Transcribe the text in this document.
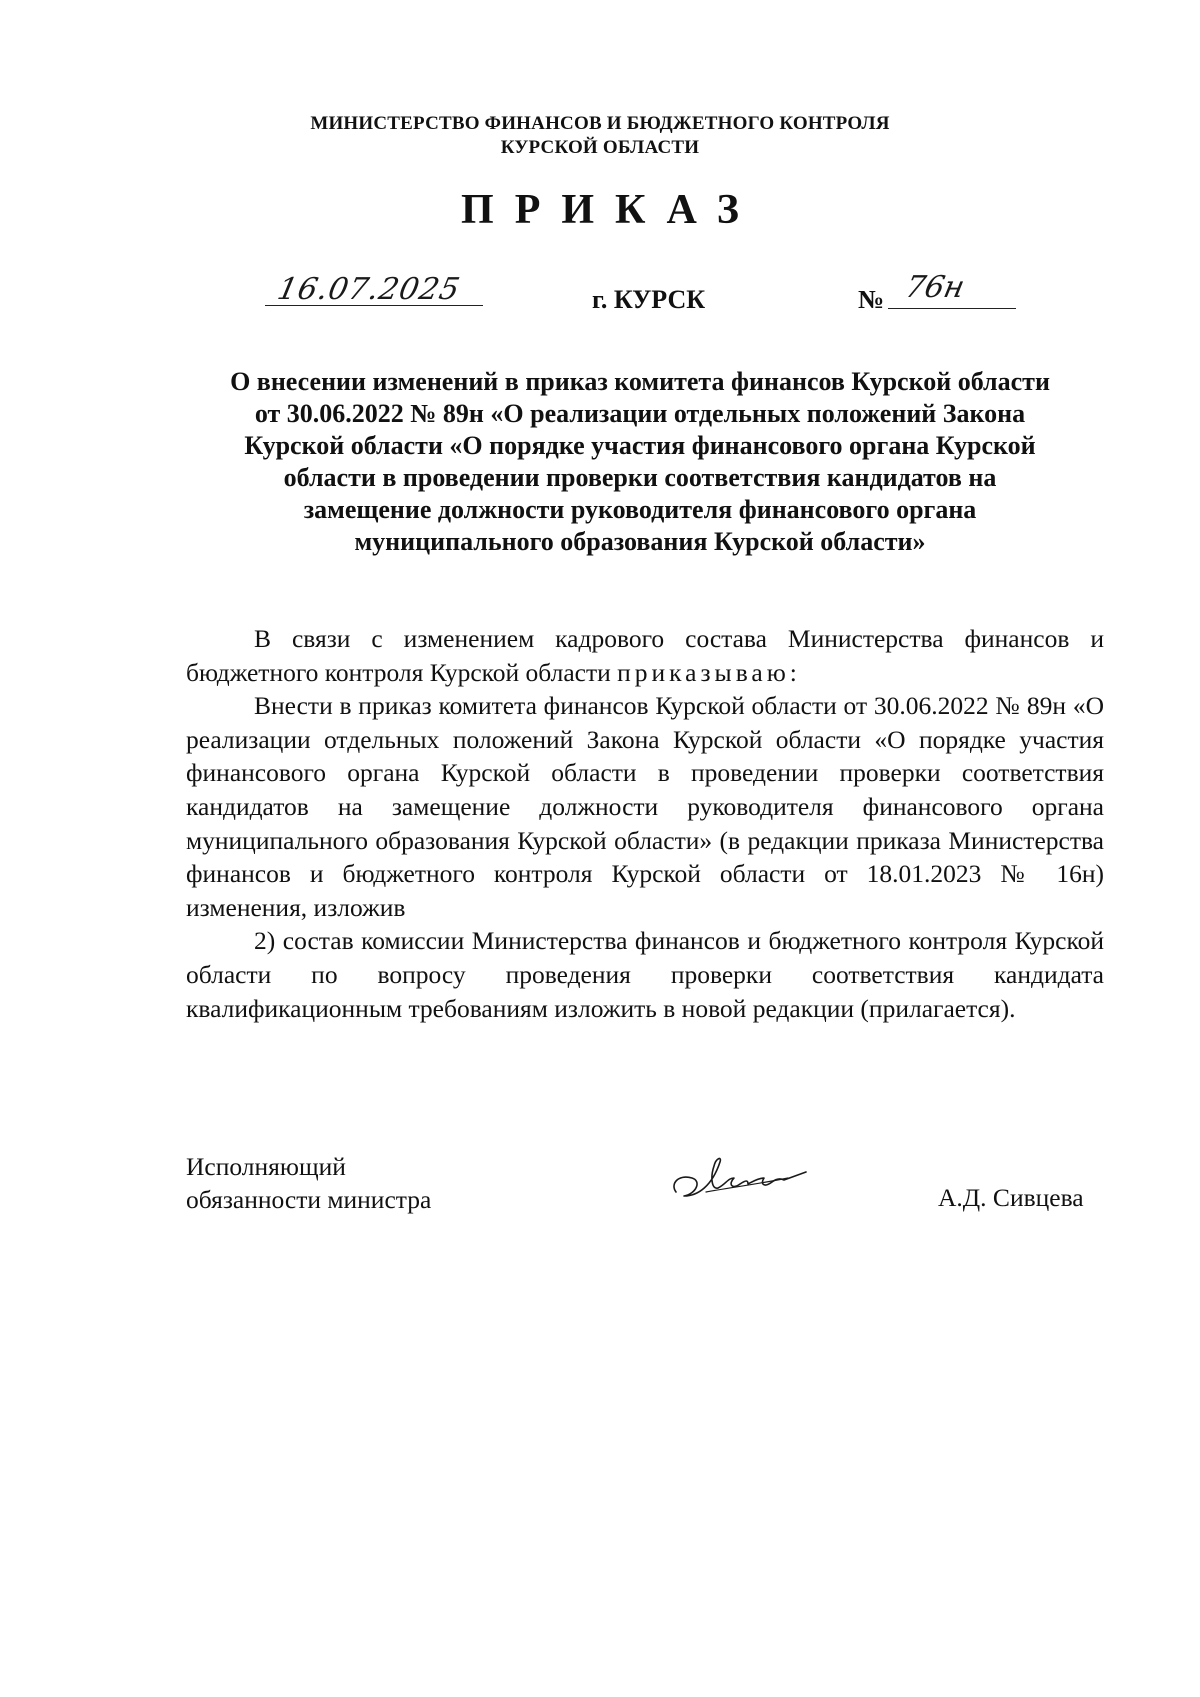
МИНИСТЕРСТВО ФИНАНСОВ И БЮДЖЕТНОГО КОНТРОЛЯ
КУРСКОЙ ОБЛАСТИ
ПРИКАЗ
16.07.2025	г. КУРСК	№ 76н
О внесении изменений в приказ комитета финансов Курской области
от 30.06.2022 № 89н «О реализации отдельных положений Закона
Курской области «О порядке участия финансового органа Курской
области в проведении проверки соответствия кандидатов на
замещение должности руководителя финансового органа
муниципального образования Курской области»

В связи с изменением кадрового состава Министерства финансов и бюджетного контроля Курской области приказываю:

Внести в приказ комитета финансов Курской области от 30.06.2022 № 89н «О реализации отдельных положений Закона Курской области «О порядке участия финансового органа Курской области в проведении проверки соответствия кандидатов на замещение должности руководителя финансового органа муниципального образования Курской области» (в редакции приказа Министерства финансов и бюджетного контроля Курской области от 18.01.2023 № 16н) изменения, изложив

2) состав комиссии Министерства финансов и бюджетного контроля Курской области по вопросу проведения проверки соответствия кандидата квалификационным требованиям изложить в новой редакции (прилагается).

Исполняющий
обязанности министра	А.Д. Сивцева
